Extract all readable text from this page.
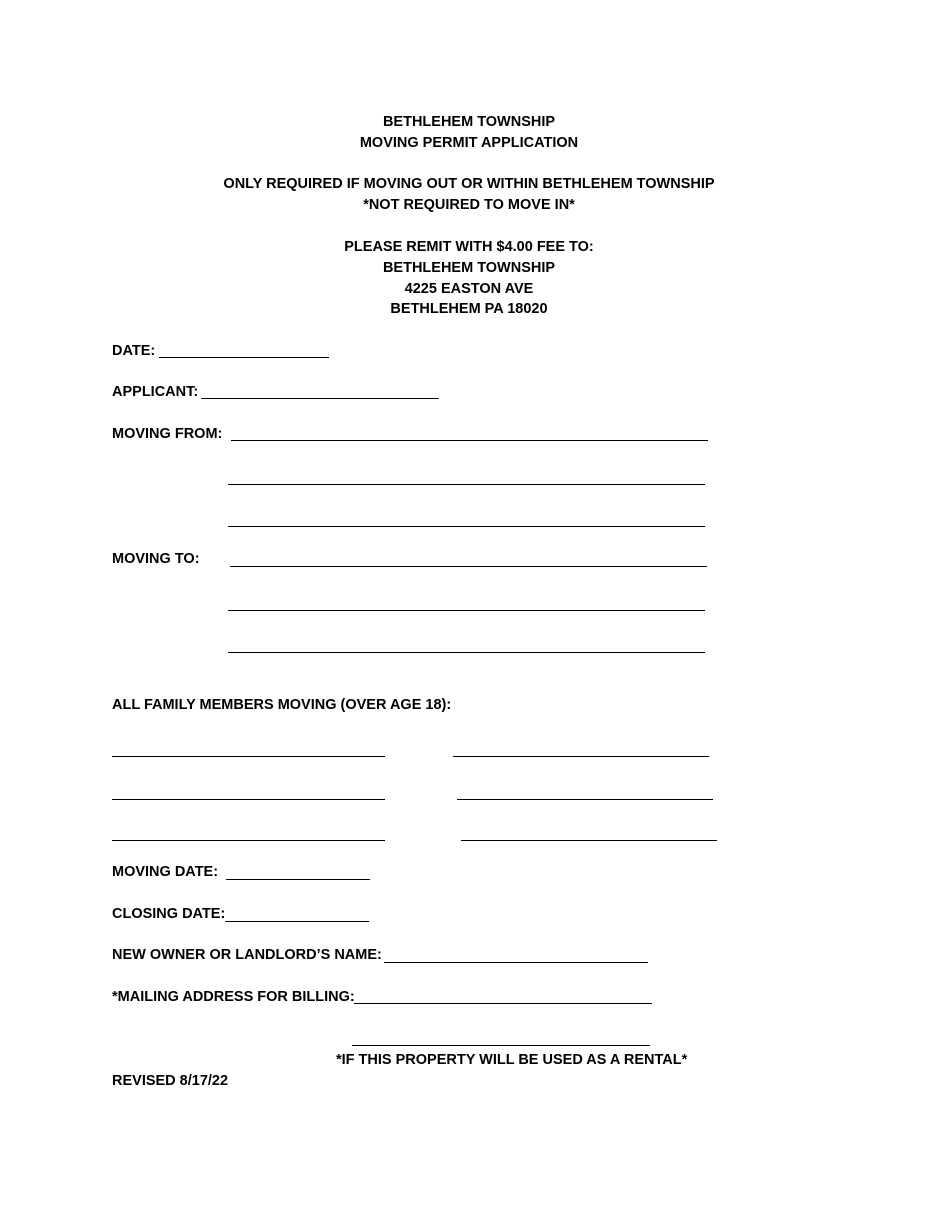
BETHLEHEM TOWNSHIP

MOVING PERMIT APPLICATION

ONLY REQUIRED IF MOVING OUT OR WITHIN BETHLEHEM TOWNSHIP

*NOT REQUIRED TO MOVE IN*

PLEASE REMIT WITH $4.00 FEE TO:

BETHLEHEM TOWNSHIP

4225 EASTON AVE

BETHLEHEM PA 18020

DATE:

APPLICANT:

MOVING FROM:

MOVING TO:

ALL FAMILY MEMBERS MOVING (OVER AGE 18):

MOVING DATE:

CLOSING DATE:

NEW OWNER OR LANDLORD’S NAME:

*MAILING ADDRESS FOR BILLING:

*IF THIS PROPERTY WILL BE USED AS A RENTAL*

REVISED 8/17/22
